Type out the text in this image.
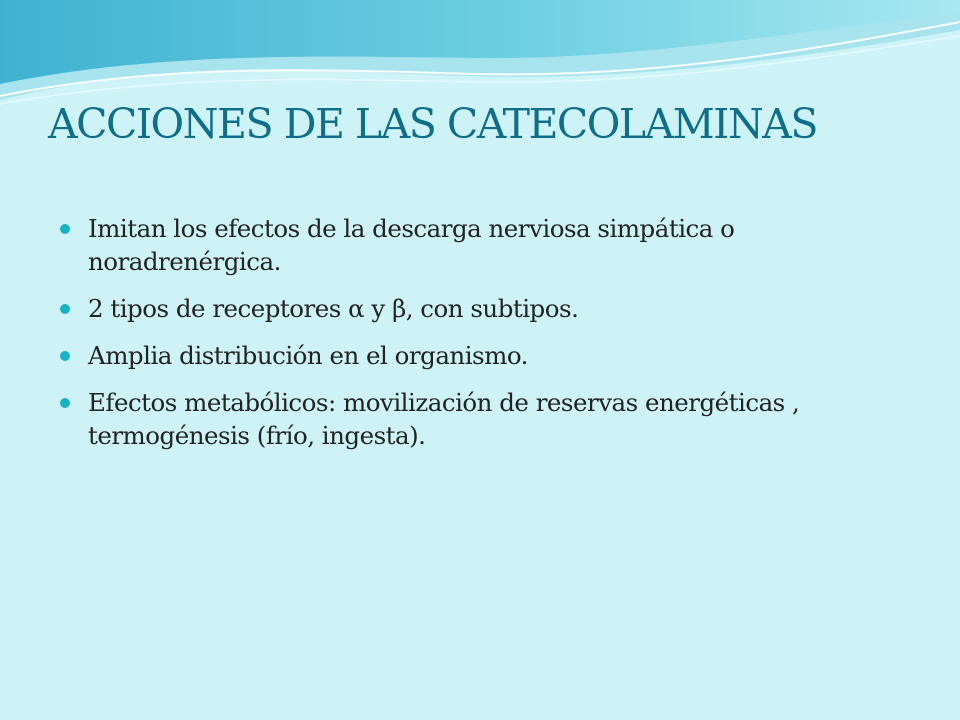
ACCIONES DE LAS CATECOLAMINAS
Imitan los efectos de la descarga nerviosa simpática o noradrenérgica.
2 tipos de receptores α y β, con subtipos.
Amplia distribución en el organismo.
Efectos metabólicos: movilización de reservas energéticas , termogénesis (frío, ingesta).
